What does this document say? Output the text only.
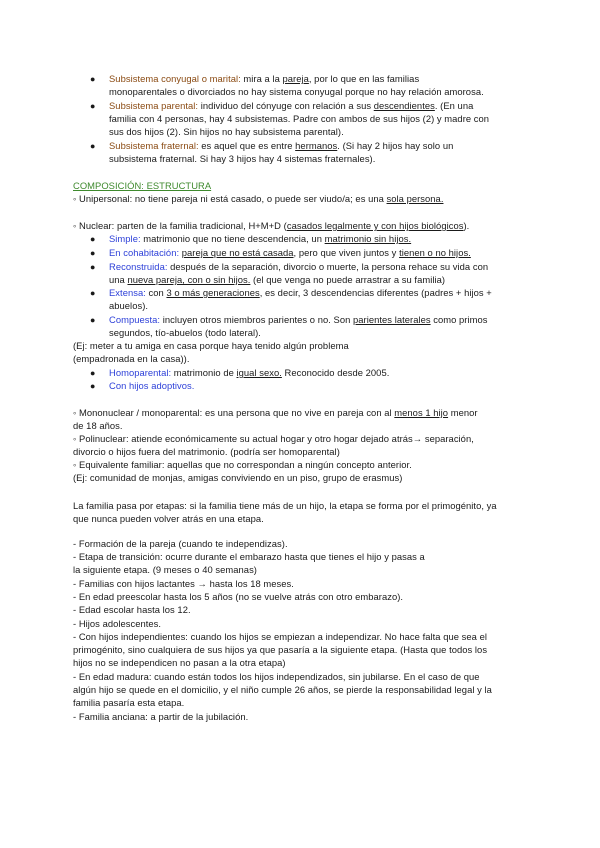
● Subsistema conyugal o marital: mira a la pareja, por lo que en las familias
monoparentales o divorciados no hay sistema conyugal porque no hay relación amorosa.
● Subsistema parental: individuo del cónyuge con relación a sus descendientes. (En una
familia con 4 personas, hay 4 subsistemas. Padre con ambos de sus hijos (2) y madre con
sus dos hijos (2). Sin hijos no hay subsistema parental).
● Subsistema fraternal: es aquel que es entre hermanos. (Si hay 2 hijos hay solo un
subsistema fraternal. Si hay 3 hijos hay 4 sistemas fraternales).
COMPOSICIÓN: ESTRUCTURA
◦ Unipersonal: no tiene pareja ni está casado, o puede ser viudo/a; es una sola persona.
◦ Nuclear: parten de la familia tradicional, H+M+D (casados legalmente y con hijos biológicos).
● Simple: matrimonio que no tiene descendencia, un matrimonio sin hijos.
● En cohabitación: pareja que no está casada, pero que viven juntos y tienen o no hijos.
● Reconstruida: después de la separación, divorcio o muerte, la persona rehace su vida con
una nueva pareja, con o sin hijos. (el que venga no puede arrastrar a su familia)
● Extensa: con 3 o más generaciones, es decir, 3 descendencias diferentes (padres + hijos +
abuelos).
● Compuesta: incluyen otros miembros parientes o no. Son parientes laterales como primos
segundos, tío-abuelos (todo lateral).
(Ej: meter a tu amiga en casa porque haya tenido algún problema
(empadronada en la casa)).
● Homoparental: matrimonio de igual sexo. Reconocido desde 2005.
● Con hijos adoptivos.
◦ Mononuclear / monoparental: es una persona que no vive en pareja con al menos 1 hijo menor
de 18 años.
◦ Polinuclear: atiende económicamente su actual hogar y otro hogar dejado atrás→ separación,
divorcio o hijos fuera del matrimonio. (podría ser homoparental)
◦ Equivalente familiar: aquellas que no correspondan a ningún concepto anterior.
(Ej: comunidad de monjas, amigas conviviendo en un piso, grupo de erasmus)
La familia pasa por etapas: si la familia tiene más de un hijo, la etapa se forma por el primogénito, ya
que nunca pueden volver atrás en una etapa.
- Formación de la pareja (cuando te independizas).
- Etapa de transición: ocurre durante el embarazo hasta que tienes el hijo y pasas a
la siguiente etapa. (9 meses o 40 semanas)
- Familias con hijos lactantes → hasta los 18 meses.
- En edad preescolar hasta los 5 años (no se vuelve atrás con otro embarazo).
- Edad escolar hasta los 12.
- Hijos adolescentes.
- Con hijos independientes: cuando los hijos se empiezan a independizar. No hace falta que sea el
primogénito, sino cualquiera de sus hijos ya que pasaría a la siguiente etapa. (Hasta que todos los
hijos no se independicen no pasan a la otra etapa)
- En edad madura: cuando están todos los hijos independizados, sin jubilarse. En el caso de que
algún hijo se quede en el domicilio, y el niño cumple 26 años, se pierde la responsabilidad legal y la
familia pasaría esta etapa.
- Familia anciana: a partir de la jubilación.
